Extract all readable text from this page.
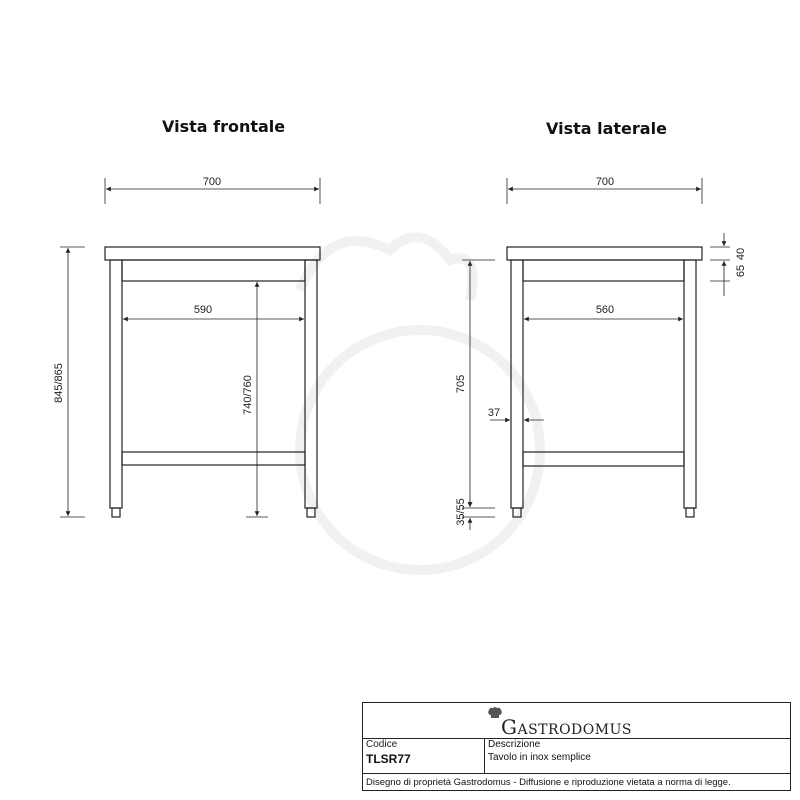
Vista frontale	Vista laterale
700
590
845/865	740/760
700
560
40
65
705
37
35/55
GASTRODOMUS
Codice
TLSR77
Descrizione
Tavolo in inox semplice
Disegno di proprietà Gastrodomus - Diffusione e riproduzione vietata a norma di legge.
